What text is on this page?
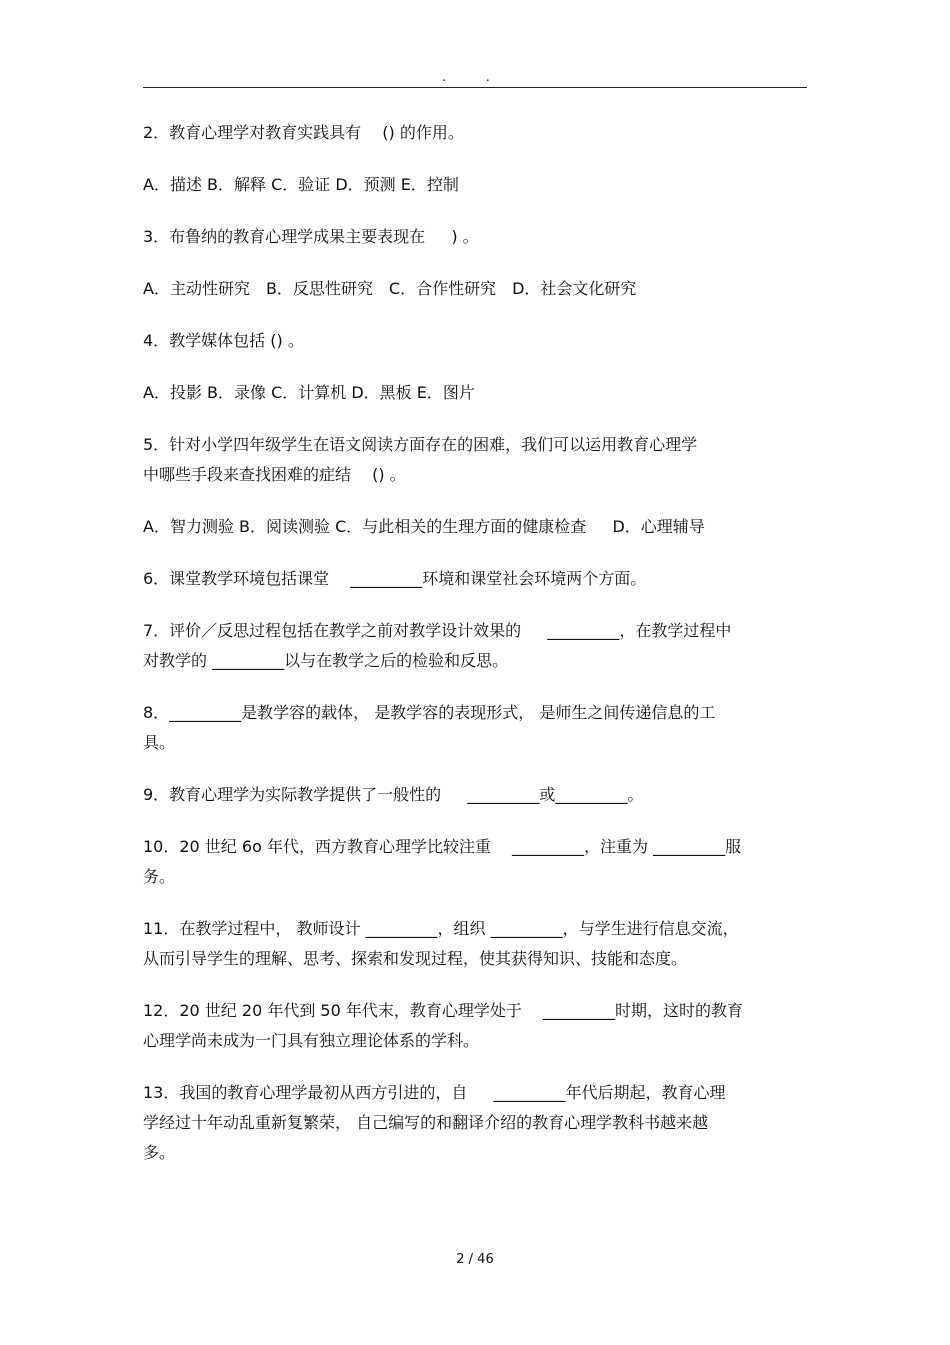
. .
2．教育心理学对教育实践具有 　() 的作用。
A．描述 B．解释 C．验证 D．预测 E．控制
3．布鲁纳的教育心理学成果主要表现在 　 ) 。
A．主动性研究　B．反思性研究　C．合作性研究　D．社会文化研究
4．教学媒体包括 () 。
A．投影 B．录像 C．计算机 D．黑板 E．图片
5．针对小学四年级学生在语文阅读方面存在的困难，我们可以运用教育心理学
中哪些手段来查找困难的症结 　() 。
A．智力测验 B．阅读测验 C．与此相关的生理方面的健康检查 　 D．心理辅导
6．课堂教学环境包括课堂 　_________环境和课堂社会环境两个方面。
7．评价／反思过程包括在教学之前对教学设计效果的 　 _________，在教学过程中
对教学的 _________以与在教学之后的检验和反思。
8．_________是教学容的载体， 是教学容的表现形式， 是师生之间传递信息的工
具。
9．教育心理学为实际教学提供了一般性的 　 _________或_________。
10．20 世纪 6o 年代，西方教育心理学比较注重 　_________，注重为 _________服
务。
11．在教学过程中， 教师设计 _________，组织 _________，与学生进行信息交流，
从而引导学生的理解、思考、探索和发现过程，使其获得知识、技能和态度。
12．20 世纪 20 年代到 50 年代末，教育心理学处于 　_________时期，这时的教育
心理学尚未成为一门具有独立理论体系的学科。
13．我国的教育心理学最初从西方引进的，自 　 _________年代后期起，教育心理
学经过十年动乱重新复繁荣， 自己编写的和翻译介绍的教育心理学教科书越来越
多。
2 / 46
